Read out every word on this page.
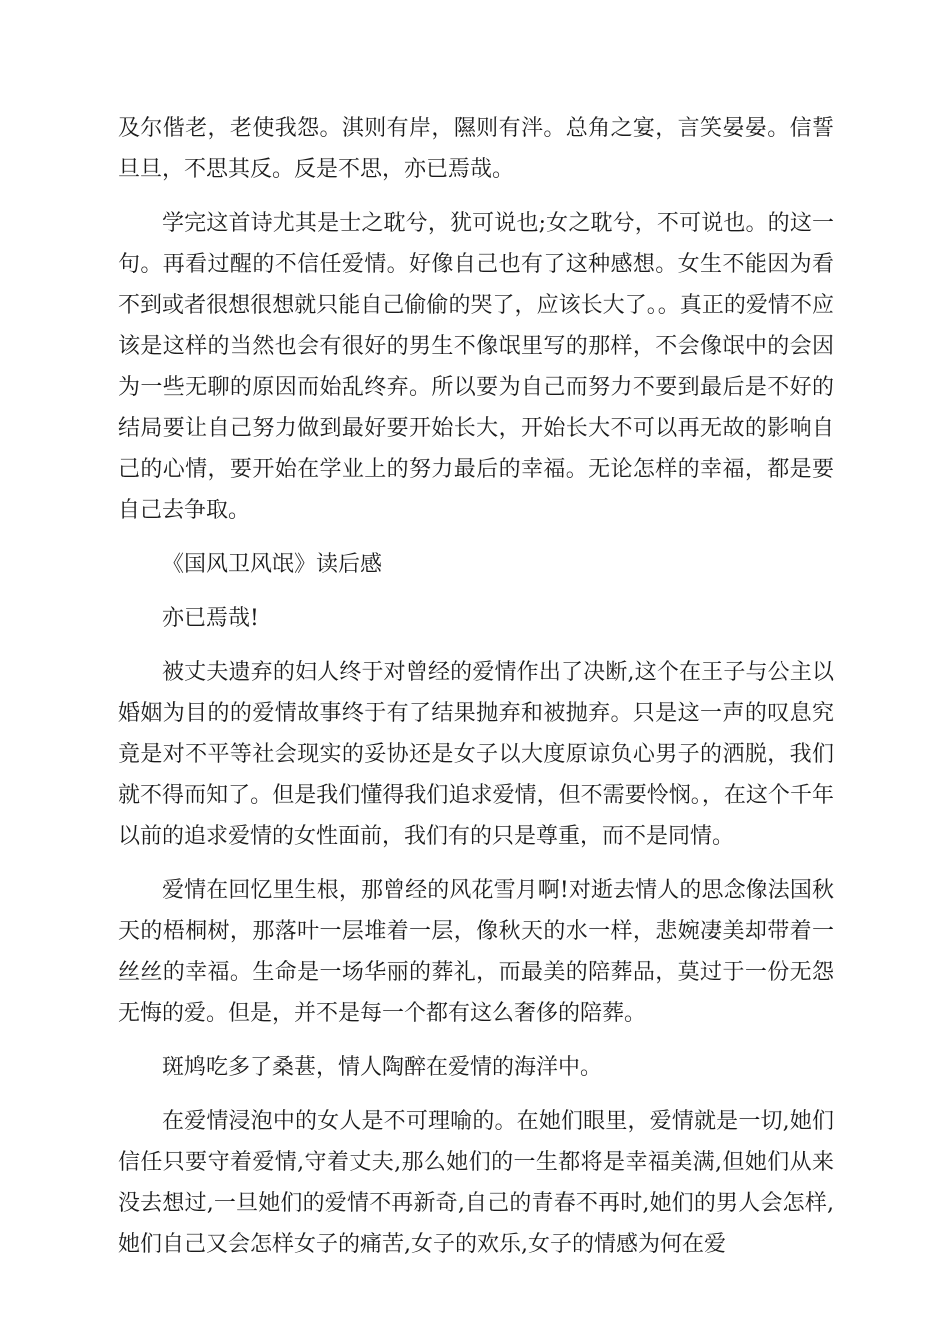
及尔偕老，老使我怨。淇则有岸，隰则有泮。总角之宴，言笑晏晏。信誓旦旦，不思其反。反是不思，亦已焉哉。

学完这首诗尤其是士之耽兮，犹可说也;女之耽兮，不可说也。的这一句。再看过醒的不信任爱情。好像自己也有了这种感想。女生不能因为看不到或者很想很想就只能自己偷偷的哭了，应该长大了。。真正的爱情不应该是这样的当然也会有很好的男生不像氓里写的那样，不会像氓中的会因为一些无聊的原因而始乱终弃。所以要为自己而努力不要到最后是不好的结局要让自己努力做到最好要开始长大，开始长大不可以再无故的影响自己的心情，要开始在学业上的努力最后的幸福。无论怎样的幸福，都是要自己去争取。

《国风卫风氓》读后感

亦已焉哉!

被丈夫遗弃的妇人终于对曾经的爱情作出了决断,这个在王子与公主以婚姻为目的的爱情故事终于有了结果抛弃和被抛弃。只是这一声的叹息究竟是对不平等社会现实的妥协还是女子以大度原谅负心男子的洒脱，我们就不得而知了。但是我们懂得我们追求爱情，但不需要怜悯。，在这个千年以前的追求爱情的女性面前，我们有的只是尊重，而不是同情。

爱情在回忆里生根，那曾经的风花雪月啊!对逝去情人的思念像法国秋天的梧桐树，那落叶一层堆着一层，像秋天的水一样，悲婉凄美却带着一丝丝的幸福。生命是一场华丽的葬礼，而最美的陪葬品，莫过于一份无怨无悔的爱。但是，并不是每一个都有这么奢侈的陪葬。

斑鸠吃多了桑葚，情人陶醉在爱情的海洋中。

在爱情浸泡中的女人是不可理喻的。在她们眼里，爱情就是一切,她们信任只要守着爱情,守着丈夫,那么她们的一生都将是幸福美满,但她们从来没去想过,一旦她们的爱情不再新奇,自己的青春不再时,她们的男人会怎样,她们自己又会怎样女子的痛苦,女子的欢乐,女子的情感为何在爱
